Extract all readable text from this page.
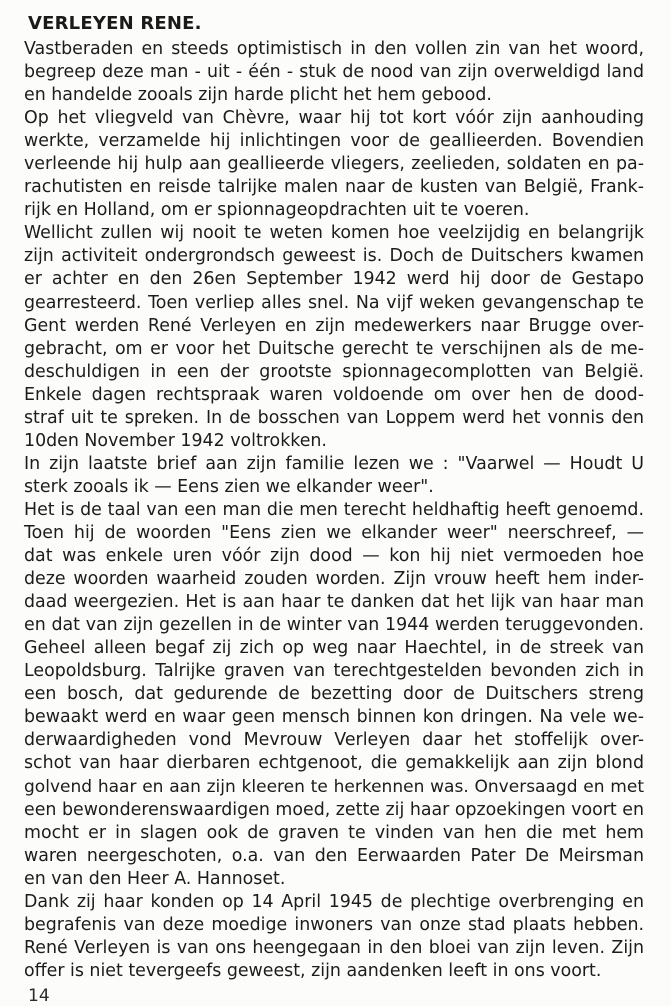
VERLEYEN RENE.
Vastberaden en steeds optimistisch in den vollen zin van het woord,
begreep deze man - uit - één - stuk de nood van zijn overweldigd land
en handelde zooals zijn harde plicht het hem gebood.
Op het vliegveld van Chèvre, waar hij tot kort vóór zijn aanhouding
werkte, verzamelde hij inlichtingen voor de geallieerden. Bovendien
verleende hij hulp aan geallieerde vliegers, zeelieden, soldaten en pa-
rachutisten en reisde talrijke malen naar de kusten van België, Frank-
rijk en Holland, om er spionnageopdrachten uit te voeren.
Wellicht zullen wij nooit te weten komen hoe veelzijdig en belangrijk
zijn activiteit ondergrondsch geweest is. Doch de Duitschers kwamen
er achter en den 26en September 1942 werd hij door de Gestapo
gearresteerd. Toen verliep alles snel. Na vijf weken gevangenschap te
Gent werden René Verleyen en zijn medewerkers naar Brugge over-
gebracht, om er voor het Duitsche gerecht te verschijnen als de me-
deschuldigen in een der grootste spionnagecomplotten van België.
Enkele dagen rechtspraak waren voldoende om over hen de dood-
straf uit te spreken. In de bosschen van Loppem werd het vonnis den
10den November 1942 voltrokken.
In zijn laatste brief aan zijn familie lezen we : "Vaarwel — Houdt U
sterk zooals ik — Eens zien we elkander weer".
Het is de taal van een man die men terecht heldhaftig heeft genoemd.
Toen hij de woorden "Eens zien we elkander weer" neerschreef, —
dat was enkele uren vóór zijn dood — kon hij niet vermoeden hoe
deze woorden waarheid zouden worden. Zijn vrouw heeft hem inder-
daad weergezien. Het is aan haar te danken dat het lijk van haar man
en dat van zijn gezellen in de winter van 1944 werden teruggevonden.
Geheel alleen begaf zij zich op weg naar Haechtel, in de streek van
Leopoldsburg. Talrijke graven van terechtgestelden bevonden zich in
een bosch, dat gedurende de bezetting door de Duitschers streng
bewaakt werd en waar geen mensch binnen kon dringen. Na vele we-
derwaardigheden vond Mevrouw Verleyen daar het stoffelijk over-
schot van haar dierbaren echtgenoot, die gemakkelijk aan zijn blond
golvend haar en aan zijn kleeren te herkennen was. Onversaagd en met
een bewonderenswaardigen moed, zette zij haar opzoekingen voort en
mocht er in slagen ook de graven te vinden van hen die met hem
waren neergeschoten, o.a. van den Eerwaarden Pater De Meirsman
en van den Heer A. Hannoset.
Dank zij haar konden op 14 April 1945 de plechtige overbrenging en
begrafenis van deze moedige inwoners van onze stad plaats hebben.
René Verleyen is van ons heengegaan in den bloei van zijn leven. Zijn
offer is niet tevergeefs geweest, zijn aandenken leeft in ons voort.
14
